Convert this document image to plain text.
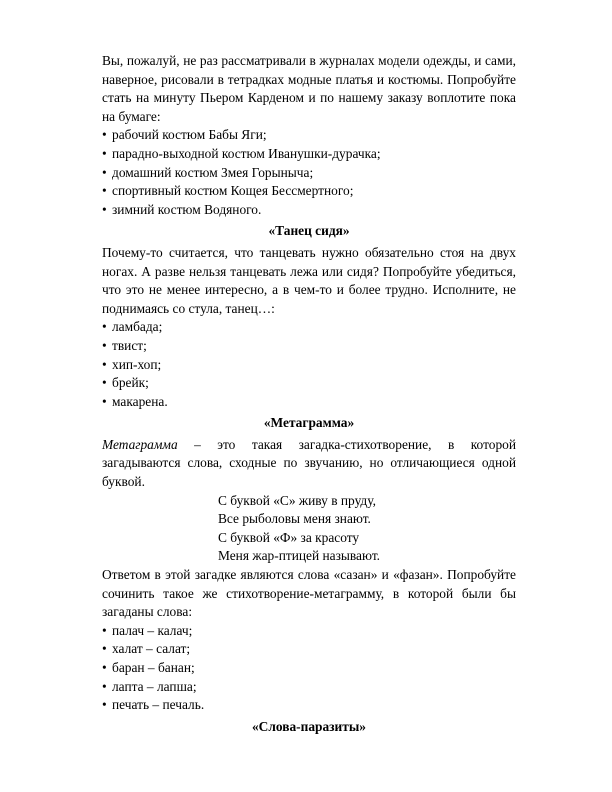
Вы, пожалуй, не раз рассматривали в журналах модели одежды, и сами, наверное, рисовали в тетрадках модные платья и костюмы. Попробуйте стать на минуту Пьером Карденом и по нашему заказу воплотите пока на бумаге:

• рабочий костюм Бабы Яги;
• парадно-выходной костюм Иванушки-дурачка;
• домашний костюм Змея Горыныча;
• спортивный костюм Кощея Бессмертного;
• зимний костюм Водяного.

«Танец сидя»

Почему-то считается, что танцевать нужно обязательно стоя на двух ногах. А разве нельзя танцевать лежа или сидя? Попробуйте убедиться, что это не менее интересно, а в чем-то и более трудно. Исполните, не поднимаясь со стула, танец…:

• ламбада;
• твист;
• хип-хоп;
• брейк;
• макарена.

«Метаграмма»

Метаграмма – это такая загадка-стихотворение, в которой загадываются слова, сходные по звучанию, но отличающиеся одной буквой.

С буквой «С» живу в пруду,

Все рыболовы меня знают.

С буквой «Ф» за красоту

Меня жар-птицей называют.

Ответом в этой загадке являются слова «сазан» и «фазан». Попробуйте сочинить такое же стихотворение-метаграмму, в которой были бы загаданы слова:

• палач – калач;
• халат – салат;
• баран – банан;
• лапта – лапша;
• печать – печаль.

«Слова-паразиты»
